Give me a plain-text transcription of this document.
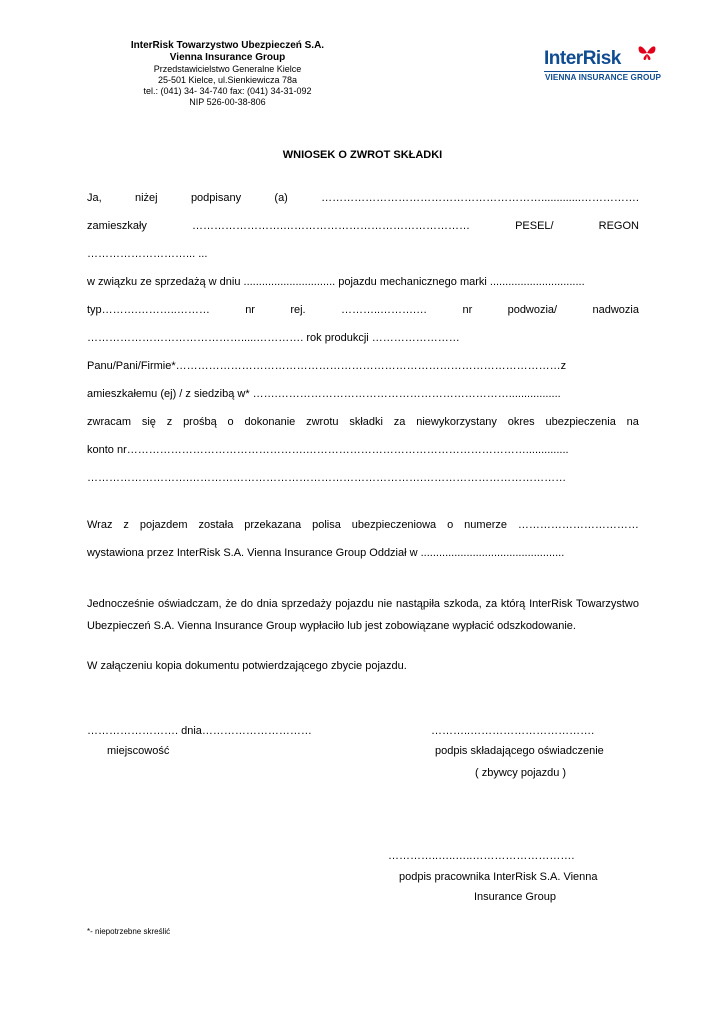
InterRisk Towarzystwo Ubezpieczeń S.A.
Vienna Insurance Group
Przedstawicielstwo Generalne Kielce
25-501 Kielce, ul.Sienkiewicza 78a
tel.: (041) 34- 34-740 fax: (041) 34-31-092
NIP 526-00-38-806
InterRisk
VIENNA INSURANCE GROUP
WNIOSEK O ZWROT SKŁADKI
Ja,	niżej	podpisany	(a)	…………………………………………………….............…………….
zamieszkały	…………………….……………………………………………	PESEL/	REGON
………………………... ...
w związku ze sprzedażą w dniu .............................. pojazdu mechanicznego marki ...............................
typ……….………..………	nr	rej.	………..……….…	nr	podwozia/	nadwozia
…………………………………….....…………. rok produkcji ……………………
Panu/Pani/Firmie*……………………………………………………………………………………………z
amieszkałemu (ej) / z siedzibą w* …….……………………………………………………….................
zwracam się z prośbą o dokonanie zwrotu składki za niewykorzystany okres ubezpieczenia na
konto nr………………………………………….……………………………………………………..............
……………………….……………………………………………………….…………………………………
Wraz z pojazdem została przekazana polisa ubezpieczeniowa o numerze ……………………………
wystawiona przez InterRisk S.A. Vienna Insurance Group Oddział w ...............................................
Jednocześnie oświadczam, że do dnia sprzedaży pojazdu nie nastąpiła szkoda, za którą InterRisk Towarzystwo Ubezpieczeń S.A. Vienna Insurance Group wypłaciło lub jest zobowiązane wypłacić odszkodowanie.
W załączeniu kopia dokumentu potwierdzającego zbycie pojazdu.
……………………. dnia…………………………
miejscowość
………..…………………………….
podpis składającego oświadczenie
( zbywcy pojazdu )
…………..…..…..……………………….
podpis pracownika InterRisk S.A. Vienna
Insurance Group
*- niepotrzebne skreślić
